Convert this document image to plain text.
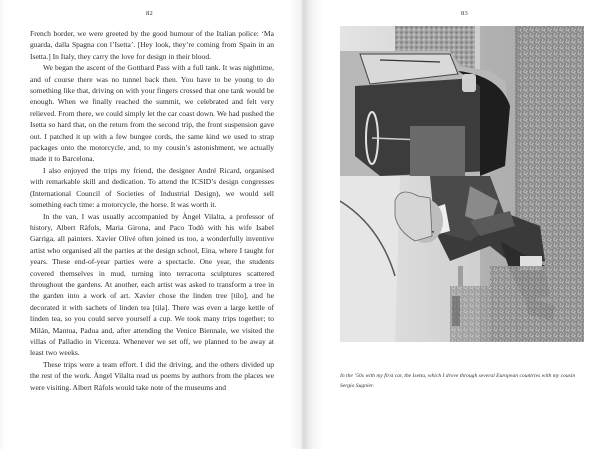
82

French border, we were greeted by the good humour of the Italian police: ‘Ma guarda, dalla Spagna con l’Isetta’. [Hey look, they’re coming from Spain in an Isetta.] In Italy, they carry the love for design in their blood.

We began the ascent of the Gotthard Pass with a full tank. It was nighttime, and of course there was no tunnel back then. You have to be young to do something like that, driving on with your fingers crossed that one tank would be enough. When we finally reached the summit, we celebrated and felt very relieved. From there, we could simply let the car coast down. We had pushed the Isetta so hard that, on the return from the second trip, the front suspension gave out. I patched it up with a few bungee cords, the same kind we used to strap packages onto the motorcycle, and, to my cousin’s astonishment, we actually made it to Barcelona.

I also enjoyed the trips my friend, the designer André Ricard, organised with remarkable skill and dedication. To attend the ICSID’s design congresses (International Council of Societies of Industrial Design), we would sell something each time: a motorcycle, the horse. It was worth it.

In the van, I was usually accompanied by Àngel Vilalta, a professor of history, Albert Ràfols, Maria Girona, and Paco Todò with his wife Isabel Garriga, all painters. Xavier Olivé often joined us too, a wonderfully inventive artist who organised all the parties at the design school, Eina, where I taught for years. These end-of-year parties were a spectacle. One year, the students covered themselves in mud, turning into terracotta sculptures scattered throughout the gardens. At another, each artist was asked to transform a tree in the garden into a work of art. Xavier chose the linden tree [tilo], and he decorated it with sachets of linden tea [tila]. There was even a large kettle of linden tea, so you could serve yourself a cup. We took many trips together; to Milán, Mantua, Padua and, after attending the Venice Biennale, we visited the villas of Palladio in Vicenza. Whenever we set off, we planned to be away at least two weeks.

These trips were a team effort. I did the driving, and the others divided up the rest of the work. Àngel Vilalta read us poems by authors from the places we were visiting. Albert Ràfols would take note of the museums and

83
In the ’50s with my first car, the Isetta, which I drove through several European countries with my cousin Sergio Sugnier.
